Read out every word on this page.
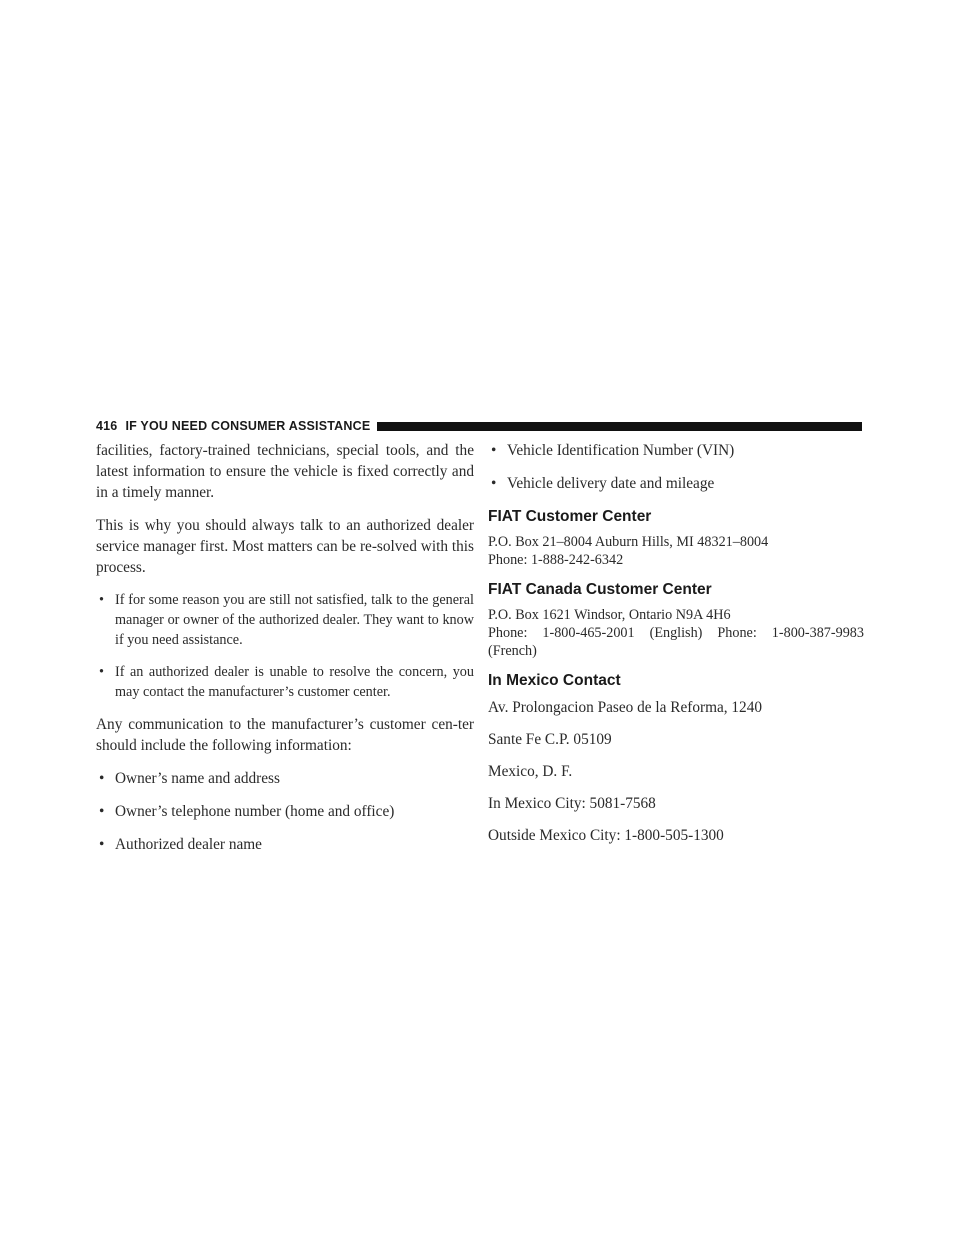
416 IF YOU NEED CONSUMER ASSISTANCE

facilities, factory-trained technicians, special tools, and the latest information to ensure the vehicle is fixed correctly and in a timely manner.

This is why you should always talk to an authorized dealer service manager first. Most matters can be re-solved with this process.

• If for some reason you are still not satisfied, talk to the general manager or owner of the authorized dealer. They want to know if you need assistance.
• If an authorized dealer is unable to resolve the concern, you may contact the manufacturer’s customer center.

Any communication to the manufacturer’s customer cen-ter should include the following information:

• Owner’s name and address
• Owner’s telephone number (home and office)
• Authorized dealer name
• Vehicle Identification Number (VIN)
• Vehicle delivery date and mileage
FIAT Customer Center
P.O. Box 21–8004 Auburn Hills, MI 48321–8004
Phone: 1-888-242-6342
FIAT Canada Customer Center
P.O. Box 1621 Windsor, Ontario N9A 4H6
Phone: 1-800-465-2001 (English) Phone: 1-800-387-9983 (French)
In Mexico Contact
Av. Prolongacion Paseo de la Reforma, 1240
Sante Fe C.P. 05109
Mexico, D. F.
In Mexico City: 5081-7568
Outside Mexico City: 1-800-505-1300
